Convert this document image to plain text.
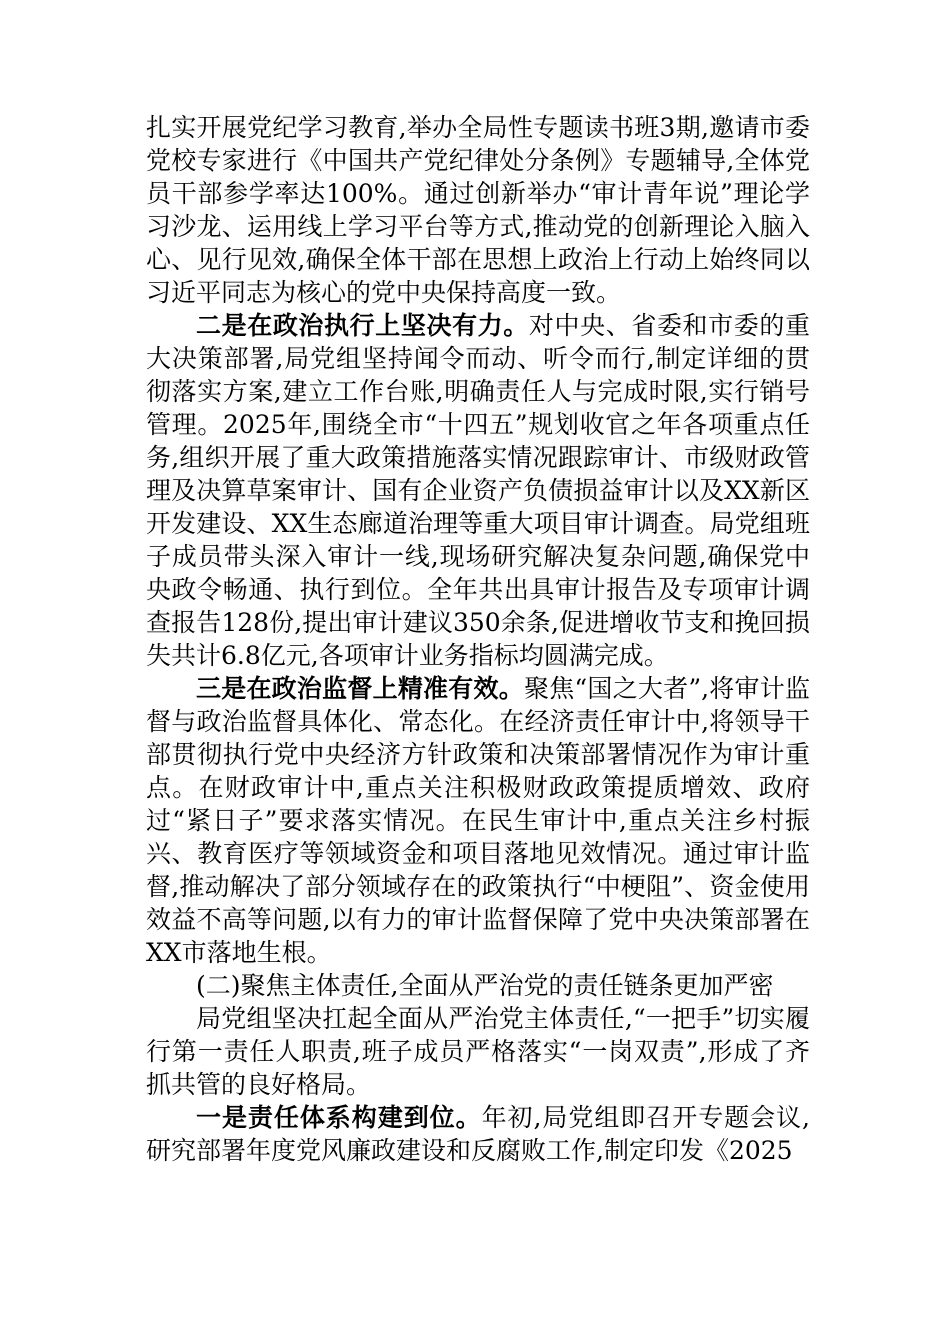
扎实开展党纪学习教育,举办全局性专题读书班3期,邀请市委党校专家进行《中国共产党纪律处分条例》专题辅导,全体党员干部参学率达100%。通过创新举办“审计青年说”理论学习沙龙、运用线上学习平台等方式,推动党的创新理论入脑入心、见行见效,确保全体干部在思想上政治上行动上始终同以习近平同志为核心的党中央保持高度一致。

二是在政治执行上坚决有力。对中央、省委和市委的重大决策部署,局党组坚持闻令而动、听令而行,制定详细的贯彻落实方案,建立工作台账,明确责任人与完成时限,实行销号管理。2025年,围绕全市“十四五”规划收官之年各项重点任务,组织开展了重大政策措施落实情况跟踪审计、市级财政管理及决算草案审计、国有企业资产负债损益审计以及XX新区开发建设、XX生态廊道治理等重大项目审计调查。局党组班子成员带头深入审计一线,现场研究解决复杂问题,确保党中央政令畅通、执行到位。全年共出具审计报告及专项审计调查报告128份,提出审计建议350余条,促进增收节支和挽回损失共计6.8亿元,各项审计业务指标均圆满完成。

三是在政治监督上精准有效。聚焦“国之大者”,将审计监督与政治监督具体化、常态化。在经济责任审计中,将领导干部贯彻执行党中央经济方针政策和决策部署情况作为审计重点。在财政审计中,重点关注积极财政政策提质增效、政府过“紧日子”要求落实情况。在民生审计中,重点关注乡村振兴、教育医疗等领域资金和项目落地见效情况。通过审计监督,推动解决了部分领域存在的政策执行“中梗阻”、资金使用效益不高等问题,以有力的审计监督保障了党中央决策部署在XX市落地生根。

(二)聚焦主体责任,全面从严治党的责任链条更加严密

局党组坚决扛起全面从严治党主体责任,“一把手”切实履行第一责任人职责,班子成员严格落实“一岗双责”,形成了齐抓共管的良好格局。

一是责任体系构建到位。年初,局党组即召开专题会议,研究部署年度党风廉政建设和反腐败工作,制定印发《2025
